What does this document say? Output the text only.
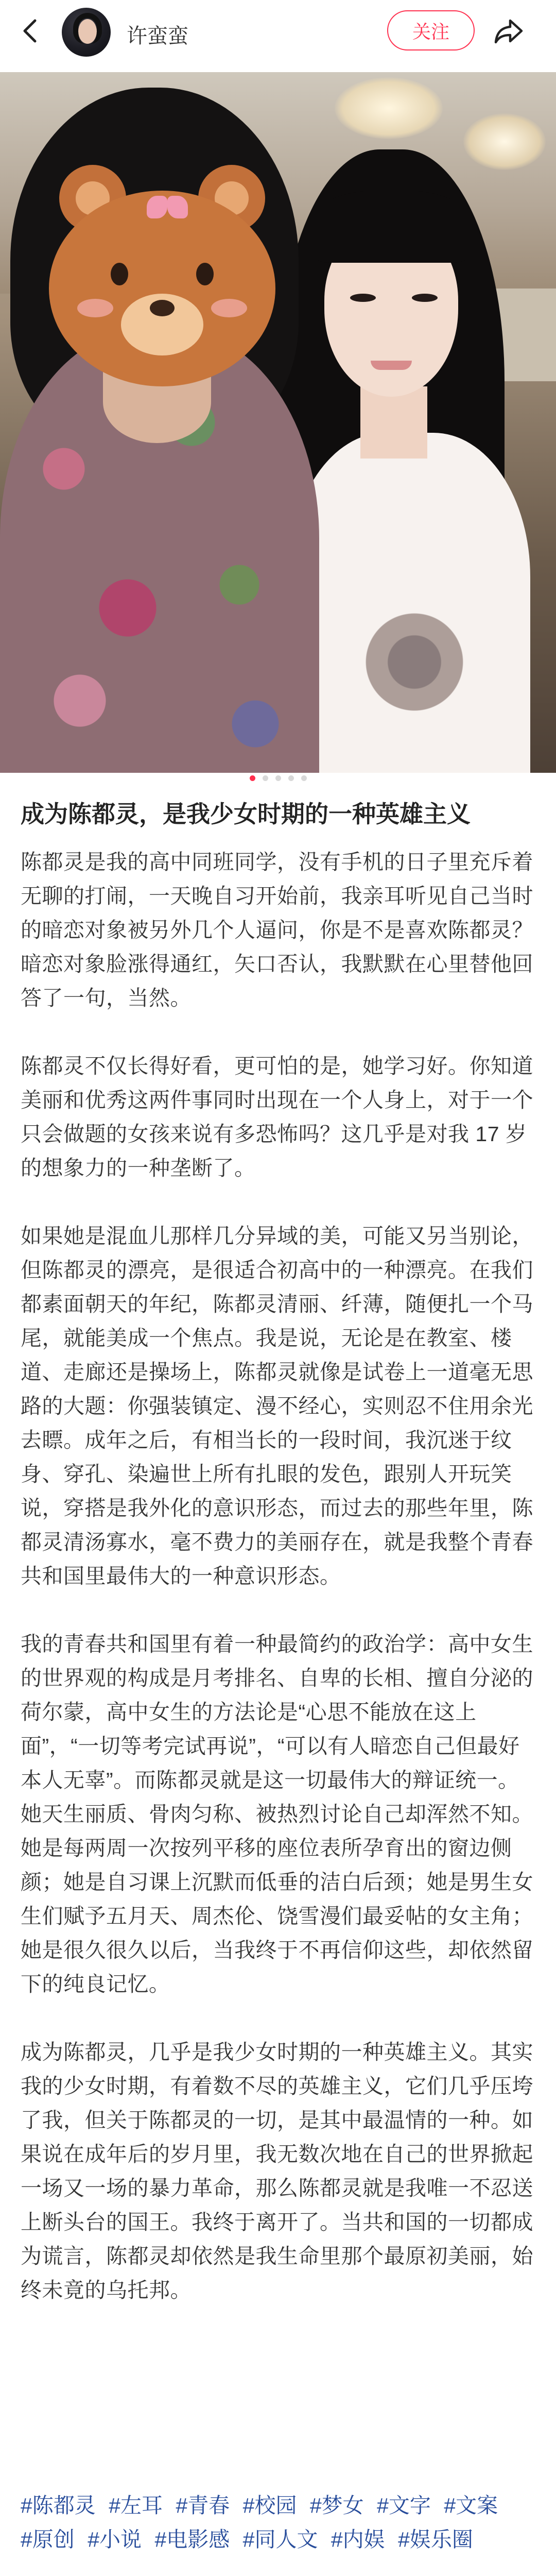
许蛮蛮	关注
成为陈都灵，是我少女时期的一种英雄主义

陈都灵是我的高中同班同学，没有手机的日子里充斥着无聊的打闹，一天晚自习开始前，我亲耳听见自己当时的暗恋对象被另外几个人逼问，你是不是喜欢陈都灵？暗恋对象脸涨得通红，矢口否认，我默默在心里替他回答了一句，当然。

陈都灵不仅长得好看，更可怕的是，她学习好。你知道美丽和优秀这两件事同时出现在一个人身上，对于一个只会做题的女孩来说有多恐怖吗？这几乎是对我 17 岁的想象力的一种垄断了。

如果她是混血儿那样几分异域的美，可能又另当别论，但陈都灵的漂亮，是很适合初高中的一种漂亮。在我们都素面朝天的年纪，陈都灵清丽、纤薄，随便扎一个马尾，就能美成一个焦点。我是说，无论是在教室、楼道、走廊还是操场上，陈都灵就像是试卷上一道毫无思路的大题：你强装镇定、漫不经心，实则忍不住用余光去瞟。成年之后，有相当长的一段时间，我沉迷于纹身、穿孔、染遍世上所有扎眼的发色，跟别人开玩笑说，穿搭是我外化的意识形态，而过去的那些年里，陈都灵清汤寡水，毫不费力的美丽存在，就是我整个青春共和国里最伟大的一种意识形态。

我的青春共和国里有着一种最简约的政治学：高中女生的世界观的构成是月考排名、自卑的长相、擅自分泌的荷尔蒙，高中女生的方法论是“心思不能放在这上面”，“一切等考完试再说”，“可以有人暗恋自己但最好本人无辜”。而陈都灵就是这一切最伟大的辩证统一。她天生丽质、骨肉匀称、被热烈讨论自己却浑然不知。她是每两周一次按列平移的座位表所孕育出的窗边侧颜；她是自习课上沉默而低垂的洁白后颈；她是男生女生们赋予五月天、周杰伦、饶雪漫们最妥帖的女主角；她是很久很久以后，当我终于不再信仰这些，却依然留下的纯良记忆。

成为陈都灵，几乎是我少女时期的一种英雄主义。其实我的少女时期，有着数不尽的英雄主义，它们几乎压垮了我，但关于陈都灵的一切，是其中最温情的一种。如果说在成年后的岁月里，我无数次地在自己的世界掀起一场又一场的暴力革命，那么陈都灵就是我唯一不忍送上断头台的国王。我终于离开了。当共和国的一切都成为谎言，陈都灵却依然是我生命里那个最原初美丽，始终未竟的乌托邦。

#陈都灵 #左耳 #青春 #校园 #梦女 #文字 #文案 #原创 #小说 #电影感 #同人文 #内娱 #娱乐圈
